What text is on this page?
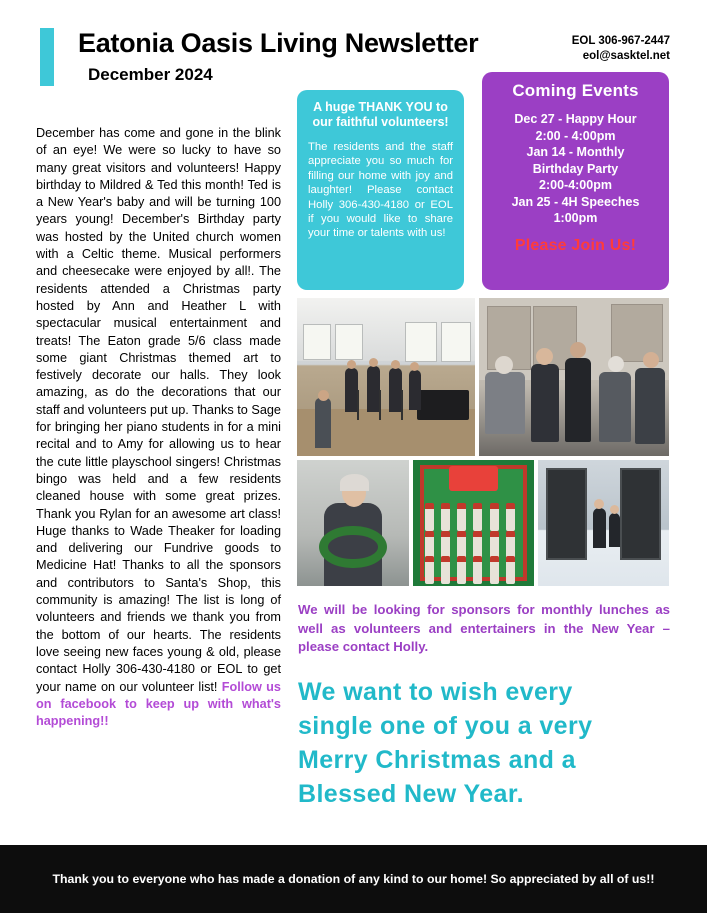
Eatonia Oasis Living Newsletter
December 2024
EOL 306-967-2447
eol@sasktel.net
December has come and gone in the blink of an eye! We were so lucky to have so many great visitors and volunteers! Happy birthday to Mildred & Ted this month! Ted is a New Year's baby and will be turning 100 years young! December's Birthday party was hosted by the United church women with a Celtic theme. Musical performers and cheesecake were enjoyed by all!. The residents attended a Christmas party hosted by Ann and Heather L with spectacular musical entertainment and treats! The Eaton grade 5/6 class made some giant Christmas themed art to festively decorate our halls. They look amazing, as do the decorations that our staff and volunteers put up. Thanks to Sage for bringing her piano students in for a mini recital and to Amy for allowing us to hear the cute little playschool singers! Christmas bingo was held and a few residents cleaned house with some great prizes. Thank you Rylan for an awesome art class! Huge thanks to Wade Theaker for loading and delivering our Fundrive goods to Medicine Hat! Thanks to all the sponsors and contributors to Santa's Shop, this community is amazing! The list is long of volunteers and friends we thank you from the bottom of our hearts. The residents love seeing new faces young & old, please contact Holly 306-430-4180 or EOL to get your name on our volunteer list! Follow us on facebook to keep up with what's happening!!
A huge THANK YOU to our faithful volunteers!
The residents and the staff appreciate you so much for filling our home with joy and laughter! Please contact Holly 306-430-4180 or EOL if you would like to share your time or talents with us!
Coming Events
Dec 27 - Happy Hour
2:00 - 4:00pm
Jan 14 - Monthly
Birthday Party
2:00-4:00pm
Jan 25 - 4H Speeches
1:00pm
Please Join Us!
We will be looking for sponsors for monthly lunches as well as volunteers and entertainers in the New Year – please contact Holly.
We want to wish every
single one of you a very
Merry Christmas and a
Blessed New Year.
Thank you to everyone who has made a donation of any kind to our home! So appreciated by all of us!!
